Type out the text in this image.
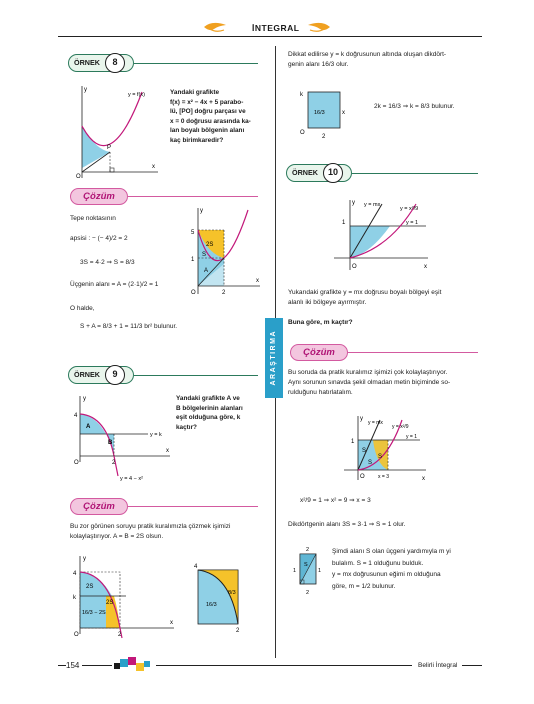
İNTEGRAL
ARAŞTIRMA
ÖRNEK	8
y
x
O
P
y = f(x)	Yandaki grafikte
f(x) = x² − 4x + 5 parabo-
lü, [PO] doğru parçası ve
x = 0 doğrusu arasında ka-
lan boyalı bölgenin alanı
kaç birimkaredir?
Çözüm
Tepe noktasının
apsisi : − (− 4)/2 = 2
3S = 4·2 ⇒ S = 8/3
Üçgenin alanı = A = (2·1)/2 = 1
O halde,
S + A = 8/3 + 1 = 11/3 br² bulunur.
y
x
O	2
5
1
2S
S
A
ÖRNEK	9
y
x
O
4
2
A
B
y = k
y = 4 − x²
Yandaki grafikte A ve
B bölgelerinin alanları
eşit olduğuna göre, k
kaçtır?
Çözüm
Bu zor görünen soruyu pratik kuralımızla çözmek işimizi
kolaylaştırıyor. A = B = 2S olsun.
y
x
O
4
k
2
2S
2S
16/3 − 2S
4
2
8/3
16/3
Dikkat edilirse y = k doğrusunun altında oluşan dikdört-
genin alanı 16/3 olur.
k
O
2
x
16/3
2k = 16/3 ⇒ k = 8/3 bulunur.
ÖRNEK	10
y
x
O
1
y = mx
y = x²/9
y = 1
Yukarıdaki grafikte y = mx doğrusu boyalı bölgeyi eşit
alanlı iki bölgeye ayırmıştır.
Buna göre, m kaçtır?
Çözüm
Bu soruda da pratik kuralımız işimizi çok kolaylaştırıyor.
Aynı sorunun sınavda şekil olmadan metin biçiminde so-
rulduğunu hatırlatalım.
y
x
O
1
y = mx
y = x²/9
y = 1
S
S
S
x = 3
x²/9 = 1 ⇒ x² = 9 ⇒ x = 3
Dikdörtgenin alanı 3S = 3·1 ⇒ S = 1 olur.
2
1
S
1
2
Şimdi alanı S olan üçgeni yardımıyla m yi
bulalım. S = 1 olduğunu bulduk.
y = mx doğrusunun eğimi m olduğuna
göre, m = 1/2 bulunur.
154	Belirli İntegral
